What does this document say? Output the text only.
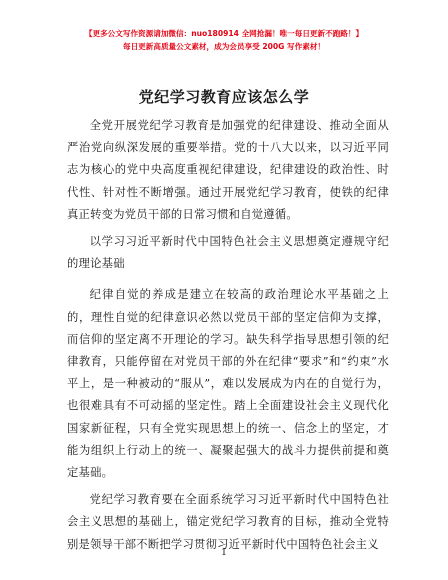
【更多公文写作资源请加微信：nuo180914 全网抢漏！唯一每日更新不跑路！】
每日更新高质量公文素材，成为会员享受 200G 写作素材！
党纪学习教育应该怎么学

全党开展党纪学习教育是加强党的纪律建设、推动全面从严治党向纵深发展的重要举措。党的十八大以来，以习近平同志为核心的党中央高度重视纪律建设，纪律建设的政治性、时代性、针对性不断增强。通过开展党纪学习教育，使铁的纪律真正转变为党员干部的日常习惯和自觉遵循。

以学习习近平新时代中国特色社会主义思想奠定遵规守纪的理论基础

纪律自觉的养成是建立在较高的政治理论水平基础之上的，理性自觉的纪律意识必然以党员干部的坚定信仰为支撑，而信仰的坚定离不开理论的学习。缺失科学指导思想引领的纪律教育，只能停留在对党员干部的外在纪律“要求”和“约束”水平上，是一种被动的“服从”，难以发展成为内在的自觉行为，也很难具有不可动摇的坚定性。踏上全面建设社会主义现代化国家新征程，只有全党实现思想上的统一、信念上的坚定，才能为组织上行动上的统一、凝聚起强大的战斗力提供前提和奠定基础。

党纪学习教育要在全面系统学习习近平新时代中国特色社会主义思想的基础上，锚定党纪学习教育的目标，推动全党特别是领导干部不断把学习贯彻习近平新时代中国特色社会主义

1
